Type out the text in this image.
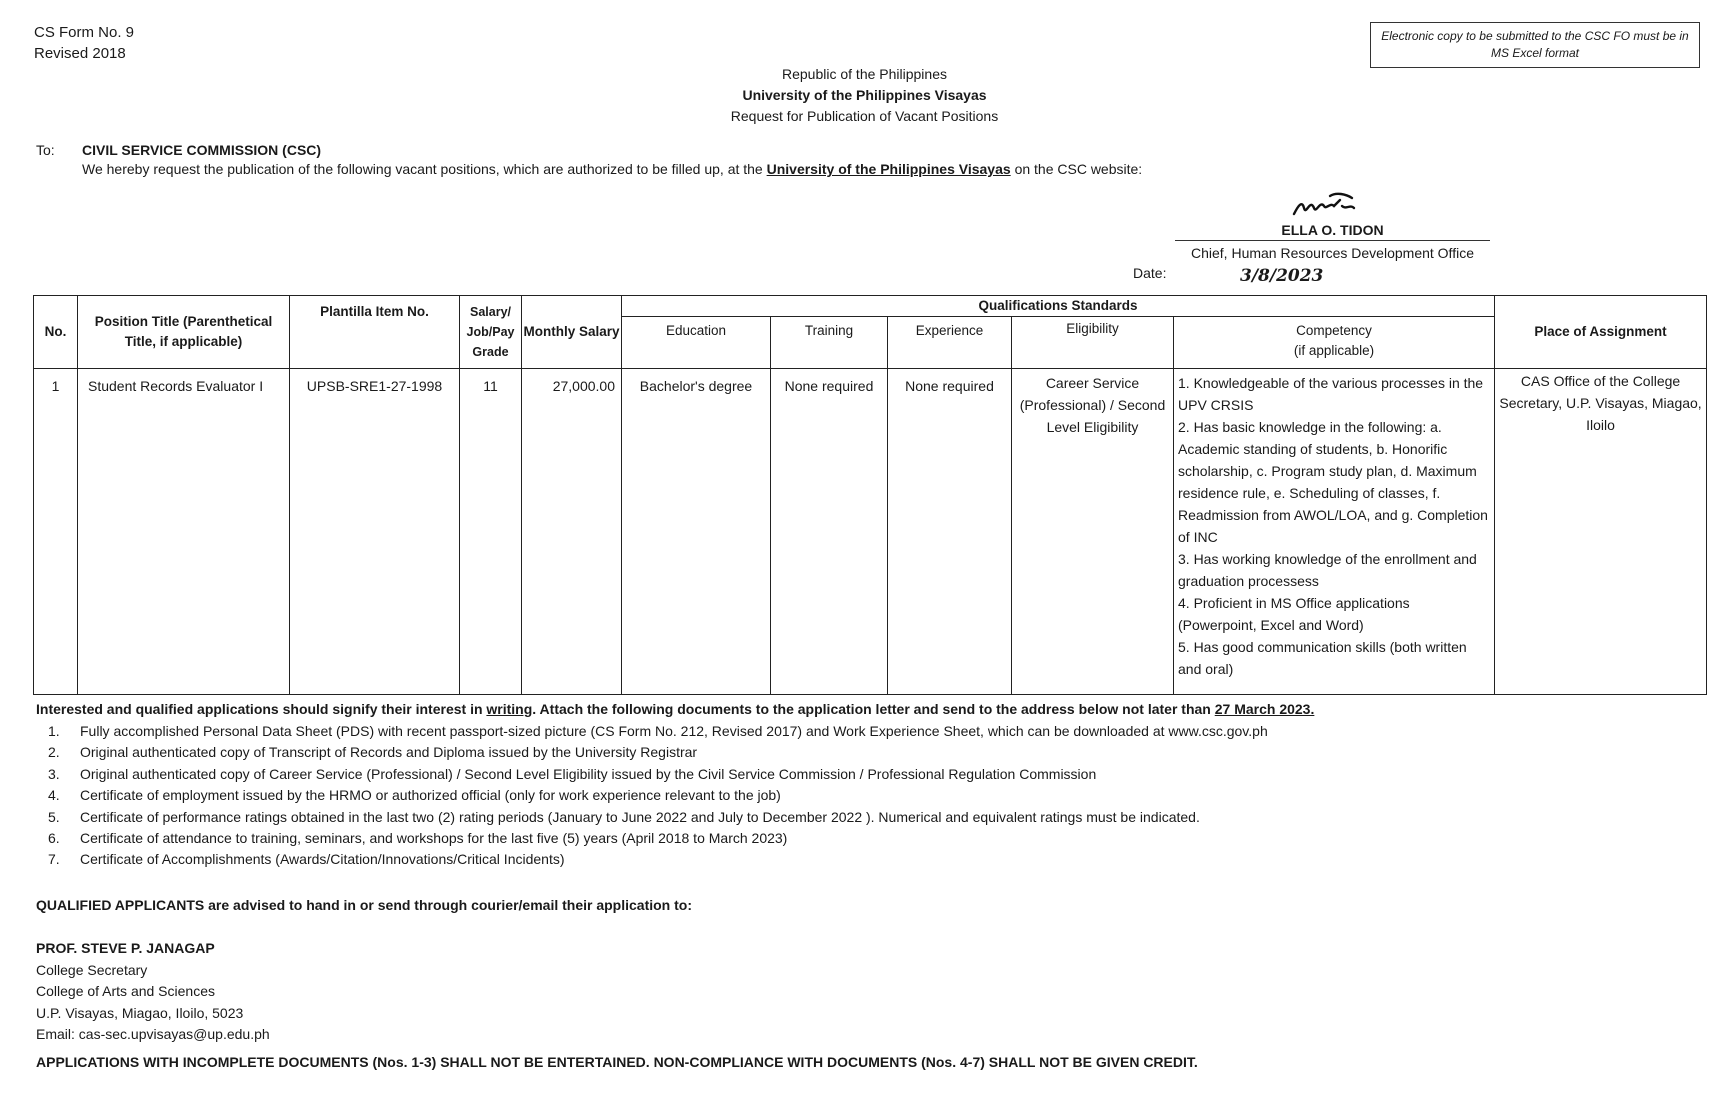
CS Form No. 9
Revised 2018
Electronic copy to be submitted to the CSC FO must be in MS Excel format
Republic of the Philippines
University of the Philippines Visayas
Request for Publication of Vacant Positions
To: CIVIL SERVICE COMMISSION (CSC)
We hereby request the publication of the following vacant positions, which are authorized to be filled up, at the University of the Philippines Visayas on the CSC website:
ELLA O. TIDON
Chief, Human Resources Development Office
Date:	3/8/2023
No.	Position Title (Parenthetical Title, if applicable)	Plantilla Item No.	Salary/ Job/Pay Grade	Monthly Salary	Qualifications Standards					Place of Assignment
					Education	Training	Experience	Eligibility	Competency
(if applicable)	

1	Student Records Evaluator I	UPSB-SRE1-27-1998	11	27,000.00	Bachelor's degree	None required	None required	Career Service (Professional) / Second Level Eligibility	1. Knowledgeable of the various processes in the UPV CRSIS
2. Has basic knowledge in the following: a. Academic standing of students, b. Honorific scholarship, c. Program study plan, d. Maximum residence rule, e. Scheduling of classes, f. Readmission from AWOL/LOA, and g. Completion of INC
3. Has working knowledge of the enrollment and graduation processess
4. Proficient in MS Office applications (Powerpoint, Excel and Word)
5. Has good communication skills (both written and oral)	CAS Office of the College Secretary, U.P. Visayas, Miagao, Iloilo
Interested and qualified applications should signify their interest in writing. Attach the following documents to the application letter and send to the address below not later than 27 March 2023.
1. Fully accomplished Personal Data Sheet (PDS) with recent passport-sized picture (CS Form No. 212, Revised 2017) and Work Experience Sheet, which can be downloaded at www.csc.gov.ph
2. Original authenticated copy of Transcript of Records and Diploma issued by the University Registrar
3. Original authenticated copy of Career Service (Professional) / Second Level Eligibility issued by the Civil Service Commission / Professional Regulation Commission
4. Certificate of employment issued by the HRMO or authorized official (only for work experience relevant to the job)
5. Certificate of performance ratings obtained in the last two (2) rating periods (January to June 2022 and July to December 2022 ). Numerical and equivalent ratings must be indicated.
6. Certificate of attendance to training, seminars, and workshops for the last five (5) years (April 2018 to March 2023)
7. Certificate of Accomplishments (Awards/Citation/Innovations/Critical Incidents)
QUALIFIED APPLICANTS are advised to hand in or send through courier/email their application to:
PROF. STEVE P. JANAGAP
College Secretary
College of Arts and Sciences
U.P. Visayas, Miagao, Iloilo, 5023
Email: cas-sec.upvisayas@up.edu.ph
APPLICATIONS WITH INCOMPLETE DOCUMENTS (Nos. 1-3) SHALL NOT BE ENTERTAINED. NON-COMPLIANCE WITH DOCUMENTS (Nos. 4-7) SHALL NOT BE GIVEN CREDIT.
